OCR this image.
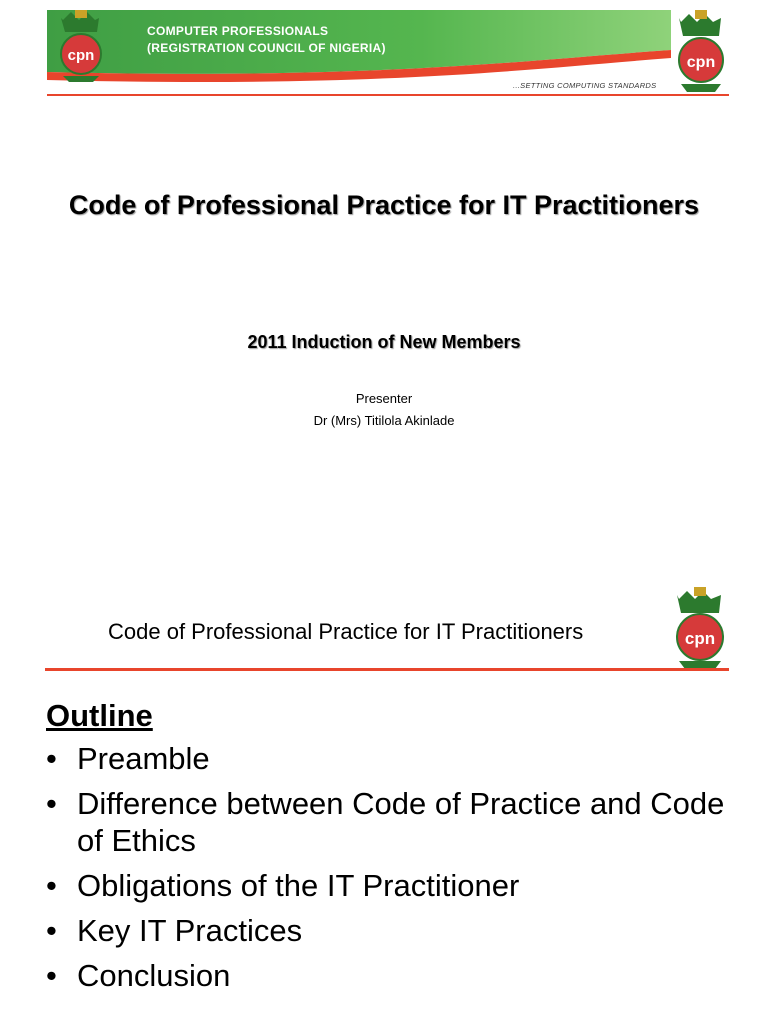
COMPUTER PROFESSIONALS
(REGISTRATION COUNCIL OF NIGERIA)
...SETTING COMPUTING STANDARDS
cpn	cpn
Code of Professional Practice for IT Practitioners
2011 Induction of New Members
Presenter
Dr (Mrs) Titilola Akinlade
Code of Professional Practice for IT Practitioners	cpn
Outline
• Preamble
• Difference between Code of Practice and Code of Ethics
• Obligations of the IT Practitioner
• Key IT Practices
• Conclusion
